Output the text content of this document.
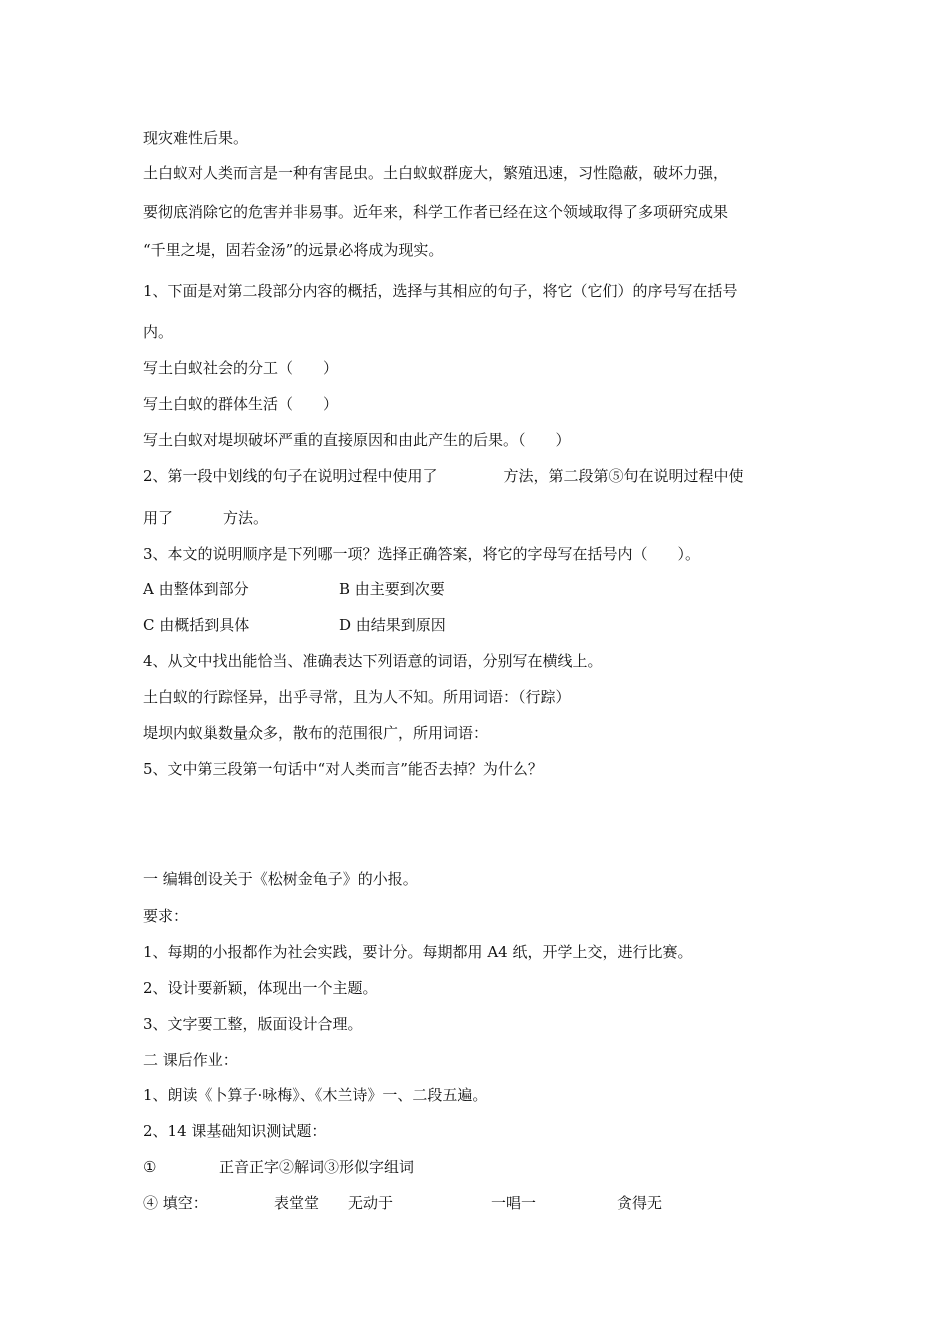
现灾难性后果。
土白蚁对人类而言是一种有害昆虫。土白蚁蚁群庞大，繁殖迅速，习性隐蔽，破坏力强，
要彻底消除它的危害并非易事。近年来，科学工作者已经在这个领域取得了多项研究成果
“千里之堤，固若金汤”的远景必将成为现实。
1、下面是对第二段部分内容的概括，选择与其相应的句子，将它（它们）的序号写在括号
内。
写土白蚁社会的分工（　　）
写土白蚁的群体生活（　　）
写土白蚁对堤坝破坏严重的直接原因和由此产生的后果。（　　）
2、第一段中划线的句子在说明过程中使用了	方法，第二段第⑤句在说明过程中使
用了	方法。
3、本文的说明顺序是下列哪一项？选择正确答案，将它的字母写在括号内（　　）。
A 由整体到部分	B 由主要到次要
C 由概括到具体	D 由结果到原因
4、从文中找出能恰当、准确表达下列语意的词语，分别写在横线上。
土白蚁的行踪怪异，出乎寻常，且为人不知。所用词语：（行踪）
堤坝内蚁巢数量众多，散布的范围很广，所用词语：
5、文中第三段第一句话中“对人类而言”能否去掉？为什么？
一 编辑创设关于《松树金龟子》的小报。
要求：
1、每期的小报都作为社会实践，要计分。每期都用 A4 纸，开学上交，进行比赛。
2、设计要新颖，体现出一个主题。
3、文字要工整，版面设计合理。
二 课后作业：
1、朗读《卜算子·咏梅》、《木兰诗》一、二段五遍。
2、14 课基础知识测试题：
①	正音正字②解词③形似字组词
④ 填空：	表堂堂 无动于	一唱一	贪得无
